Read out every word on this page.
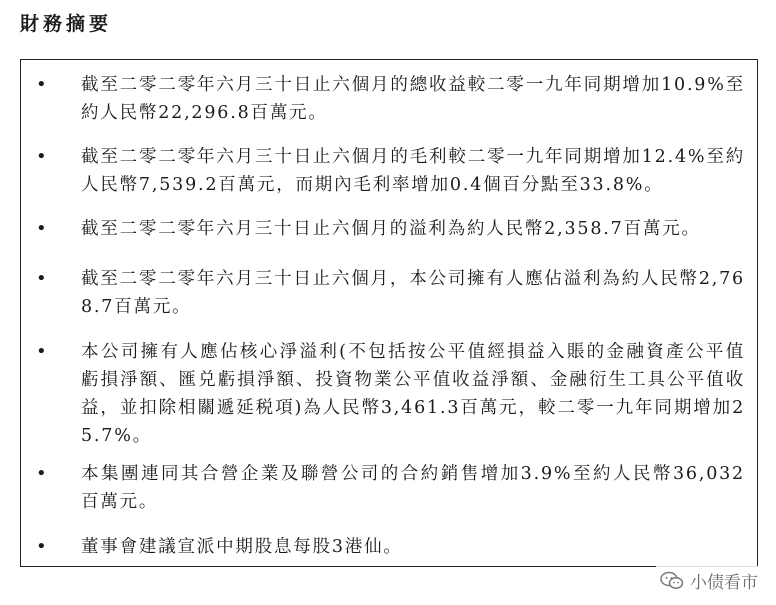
財務摘要
• 截至二零二零年六月三十日止六個月的總收益較二零一九年同期增加10.9%至約人民幣22,296.8百萬元。
• 截至二零二零年六月三十日止六個月的毛利較二零一九年同期增加12.4%至約人民幣7,539.2百萬元，而期內毛利率增加0.4個百分點至33.8%。
• 截至二零二零年六月三十日止六個月的溢利為約人民幣2,358.7百萬元。
• 截至二零二零年六月三十日止六個月，本公司擁有人應佔溢利為約人民幣2,768.7百萬元。
• 本公司擁有人應佔核心淨溢利(不包括按公平值經損益入賬的金融資產公平值虧損淨額、匯兑虧損淨額、投資物業公平值收益淨額、金融衍生工具公平值收益，並扣除相關遞延税項)為人民幣3,461.3百萬元，較二零一九年同期增加25.7%。
• 本集團連同其合營企業及聯營公司的合約銷售增加3.9%至約人民幣36,032百萬元。
• 董事會建議宣派中期股息每股3港仙。
小债看市
